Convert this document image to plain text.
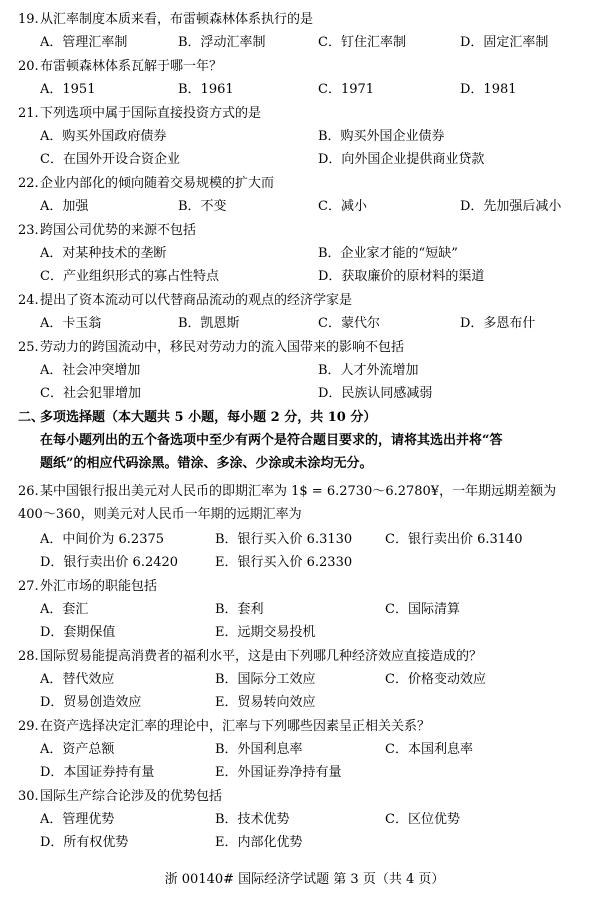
19. 从汇率制度本质来看，布雷顿森林体系执行的是
A．管理汇率制	B．浮动汇率制	C．钉住汇率制	D．固定汇率制
20. 布雷顿森林体系瓦解于哪一年？
A．1951	B．1961	C．1971	D．1981
21. 下列选项中属于国际直接投资方式的是
A．购买外国政府债券	B．购买外国企业债券
C．在国外开设合资企业	D．向外国企业提供商业贷款
22. 企业内部化的倾向随着交易规模的扩大而
A．加强	B．不变	C．减小	D．先加强后减小
23. 跨国公司优势的来源不包括
A．对某种技术的垄断	B．企业家才能的“短缺”
C．产业组织形式的寡占性特点	D．获取廉价的原材料的渠道
24. 提出了资本流动可以代替商品流动的观点的经济学家是
A．卡玉翁	B．凯恩斯	C．蒙代尔	D．多恩布什
25. 劳动力的跨国流动中，移民对劳动力的流入国带来的影响不包括
A．社会冲突增加	B．人才外流增加
C．社会犯罪增加	D．民族认同感减弱
二、
多项选择题（本大题共 5 小题，每小题 2 分，共 10 分）
在每小题列出的五个备选项中至少有两个是符合题目要求的，请将其选出并将“答
题纸”的相应代码涂黑。错涂、多涂、少涂或未涂均无分。
26. 某中国银行报出美元对人民币的即期汇率为 1$ = 6.2730～6.2780¥，一年期远期差额为
400～360，则美元对人民币一年期的远期汇率为
A．中间价为 6.2375	B．银行买入价 6.3130	C．银行卖出价 6.3140
D．银行卖出价 6.2420	E．银行买入价 6.2330
27. 外汇市场的职能包括
A．套汇	B．套利	C．国际清算
D．套期保值	E．远期交易投机
28. 国际贸易能提高消费者的福利水平，这是由下列哪几种经济效应直接造成的？
A．替代效应	B．国际分工效应	C．价格变动效应
D．贸易创造效应	E．贸易转向效应
29. 在资产选择决定汇率的理论中，汇率与下列哪些因素呈正相关关系？
A．资产总额	B．外国利息率	C．本国利息率
D．本国证券持有量	E．外国证券净持有量
30. 国际生产综合论涉及的优势包括
A．管理优势	B．技术优势	C．区位优势
D．所有权优势	E．内部化优势
浙 00140# 国际经济学试题 第 3 页（共 4 页）
